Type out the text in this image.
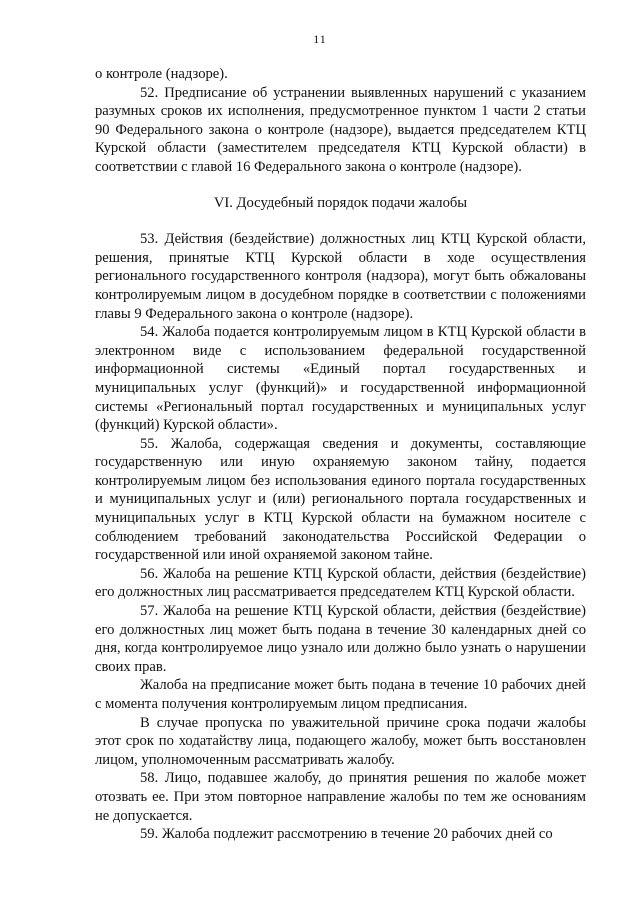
11

о контроле (надзоре).

52. Предписание об устранении выявленных нарушений с указанием разумных сроков их исполнения, предусмотренное пунктом 1 части 2 статьи 90 Федерального закона о контроле (надзоре), выдается председателем КТЦ Курской области (заместителем председателя КТЦ Курской области) в соответствии с главой 16 Федерального закона о контроле (надзоре).

VI. Досудебный порядок подачи жалобы

53. Действия (бездействие) должностных лиц КТЦ Курской области, решения, принятые КТЦ Курской области в ходе осуществления регионального государственного контроля (надзора), могут быть обжалованы контролируемым лицом в досудебном порядке в соответствии с положениями главы 9 Федерального закона о контроле (надзоре).

54. Жалоба подается контролируемым лицом в КТЦ Курской области в электронном виде с использованием федеральной государственной информационной системы «Единый портал государственных и муниципальных услуг (функций)» и государственной информационной системы «Региональный портал государственных и муниципальных услуг (функций) Курской области».

55. Жалоба, содержащая сведения и документы, составляющие государственную или иную охраняемую законом тайну, подается контролируемым лицом без использования единого портала государственных и муниципальных услуг и (или) регионального портала государственных и муниципальных услуг в КТЦ Курской области на бумажном носителе с соблюдением требований законодательства Российской Федерации о государственной или иной охраняемой законом тайне.

56. Жалоба на решение КТЦ Курской области, действия (бездействие) его должностных лиц рассматривается председателем КТЦ Курской области.

57. Жалоба на решение КТЦ Курской области, действия (бездействие) его должностных лиц может быть подана в течение 30 календарных дней со дня, когда контролируемое лицо узнало или должно было узнать о нарушении своих прав.

Жалоба на предписание может быть подана в течение 10 рабочих дней с момента получения контролируемым лицом предписания.

В случае пропуска по уважительной причине срока подачи жалобы этот срок по ходатайству лица, подающего жалобу, может быть восстановлен лицом, уполномоченным рассматривать жалобу.

58. Лицо, подавшее жалобу, до принятия решения по жалобе может отозвать ее. При этом повторное направление жалобы по тем же основаниям не допускается.

59. Жалоба подлежит рассмотрению в течение 20 рабочих дней со
